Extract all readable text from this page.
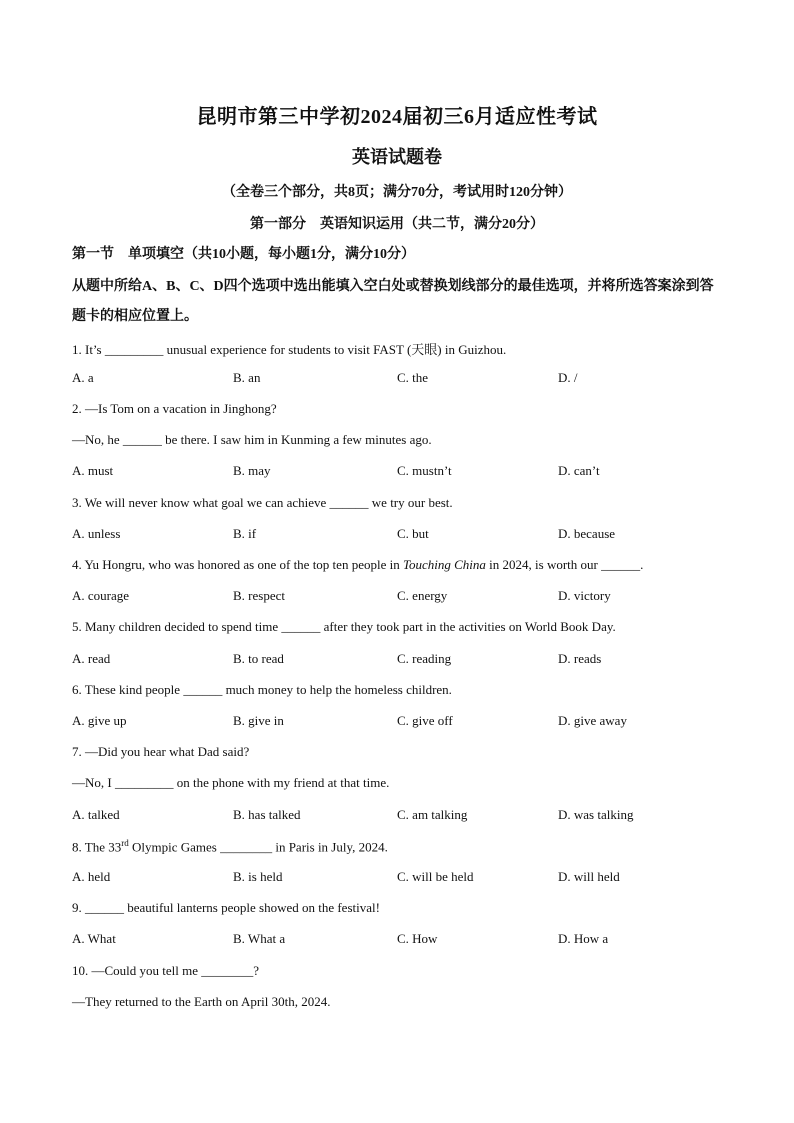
昆明市第三中学初2024届初三6月适应性考试
英语试题卷
（全卷三个部分，共8页；满分70分，考试用时120分钟）
第一部分　英语知识运用（共二节，满分20分）
第一节　单项填空（共10小题，每小题1分，满分10分）
从题中所给A、B、C、D四个选项中选出能填入空白处或替换划线部分的最佳选项，并将所选答案涂到答题卡的相应位置上。
1. It’s _________ unusual experience for students to visit FAST (天眼) in Guizhou.
A. a	B. an	C. the	D. /
2. —Is Tom on a vacation in Jinghong?
—No, he ______ be there. I saw him in Kunming a few minutes ago.
A. must	B. may	C. mustn’t	D. can’t
3. We will never know what goal we can achieve ______ we try our best.
A. unless	B. if	C. but	D. because
4. Yu Hongru, who was honored as one of the top ten people in Touching China in 2024, is worth our ______.
A. courage	B. respect	C. energy	D. victory
5. Many children decided to spend time ______ after they took part in the activities on World Book Day.
A. read	B. to read	C. reading	D. reads
6. These kind people ______ much money to help the homeless children.
A. give up	B. give in	C. give off	D. give away
7. —Did you hear what Dad said?
—No, I _________ on the phone with my friend at that time.
A. talked	B. has talked	C. am talking	D. was talking
8. The 33rd Olympic Games ________ in Paris in July, 2024.
A. held	B. is held	C. will be held	D. will held
9. ______ beautiful lanterns people showed on the festival!
A. What	B. What a	C. How	D. How a
10. —Could you tell me ________?
—They returned to the Earth on April 30th, 2024.
